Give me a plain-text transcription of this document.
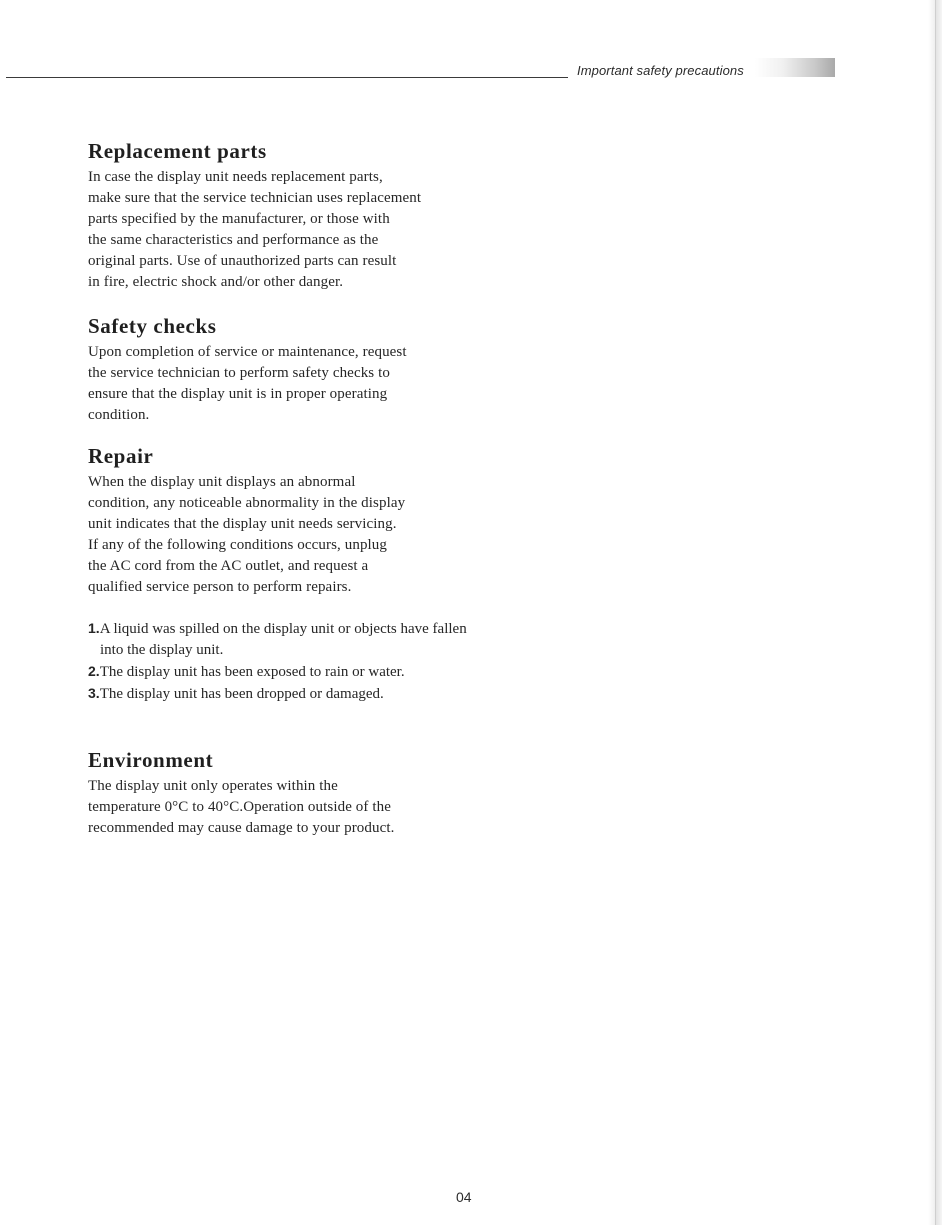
Important safety precautions
Replacement parts

In case the display unit needs replacement parts,
make sure that the service technician uses replacement
parts specified by the manufacturer, or those with
the same characteristics and performance as the
original parts. Use of unauthorized parts can result
in fire, electric shock and/or other danger.

Safety checks

Upon completion of service or maintenance, request
the service technician to perform safety checks to
ensure that the display unit is in proper operating
condition.

Repair

When the display unit displays an abnormal
condition, any noticeable abnormality in the display
unit indicates that the display unit needs servicing.
If any of the following conditions occurs, unplug
the AC cord from the AC outlet, and request a
qualified service person to perform repairs.

1.A liquid was spilled on the display unit or objects have fallen into the display unit.
2.The display unit has been exposed to rain or water.
3.The display unit has been dropped or damaged.
Environment

The display unit only operates within the
temperature 0°C to 40°C.Operation outside of the
recommended may cause damage to your product.

04
